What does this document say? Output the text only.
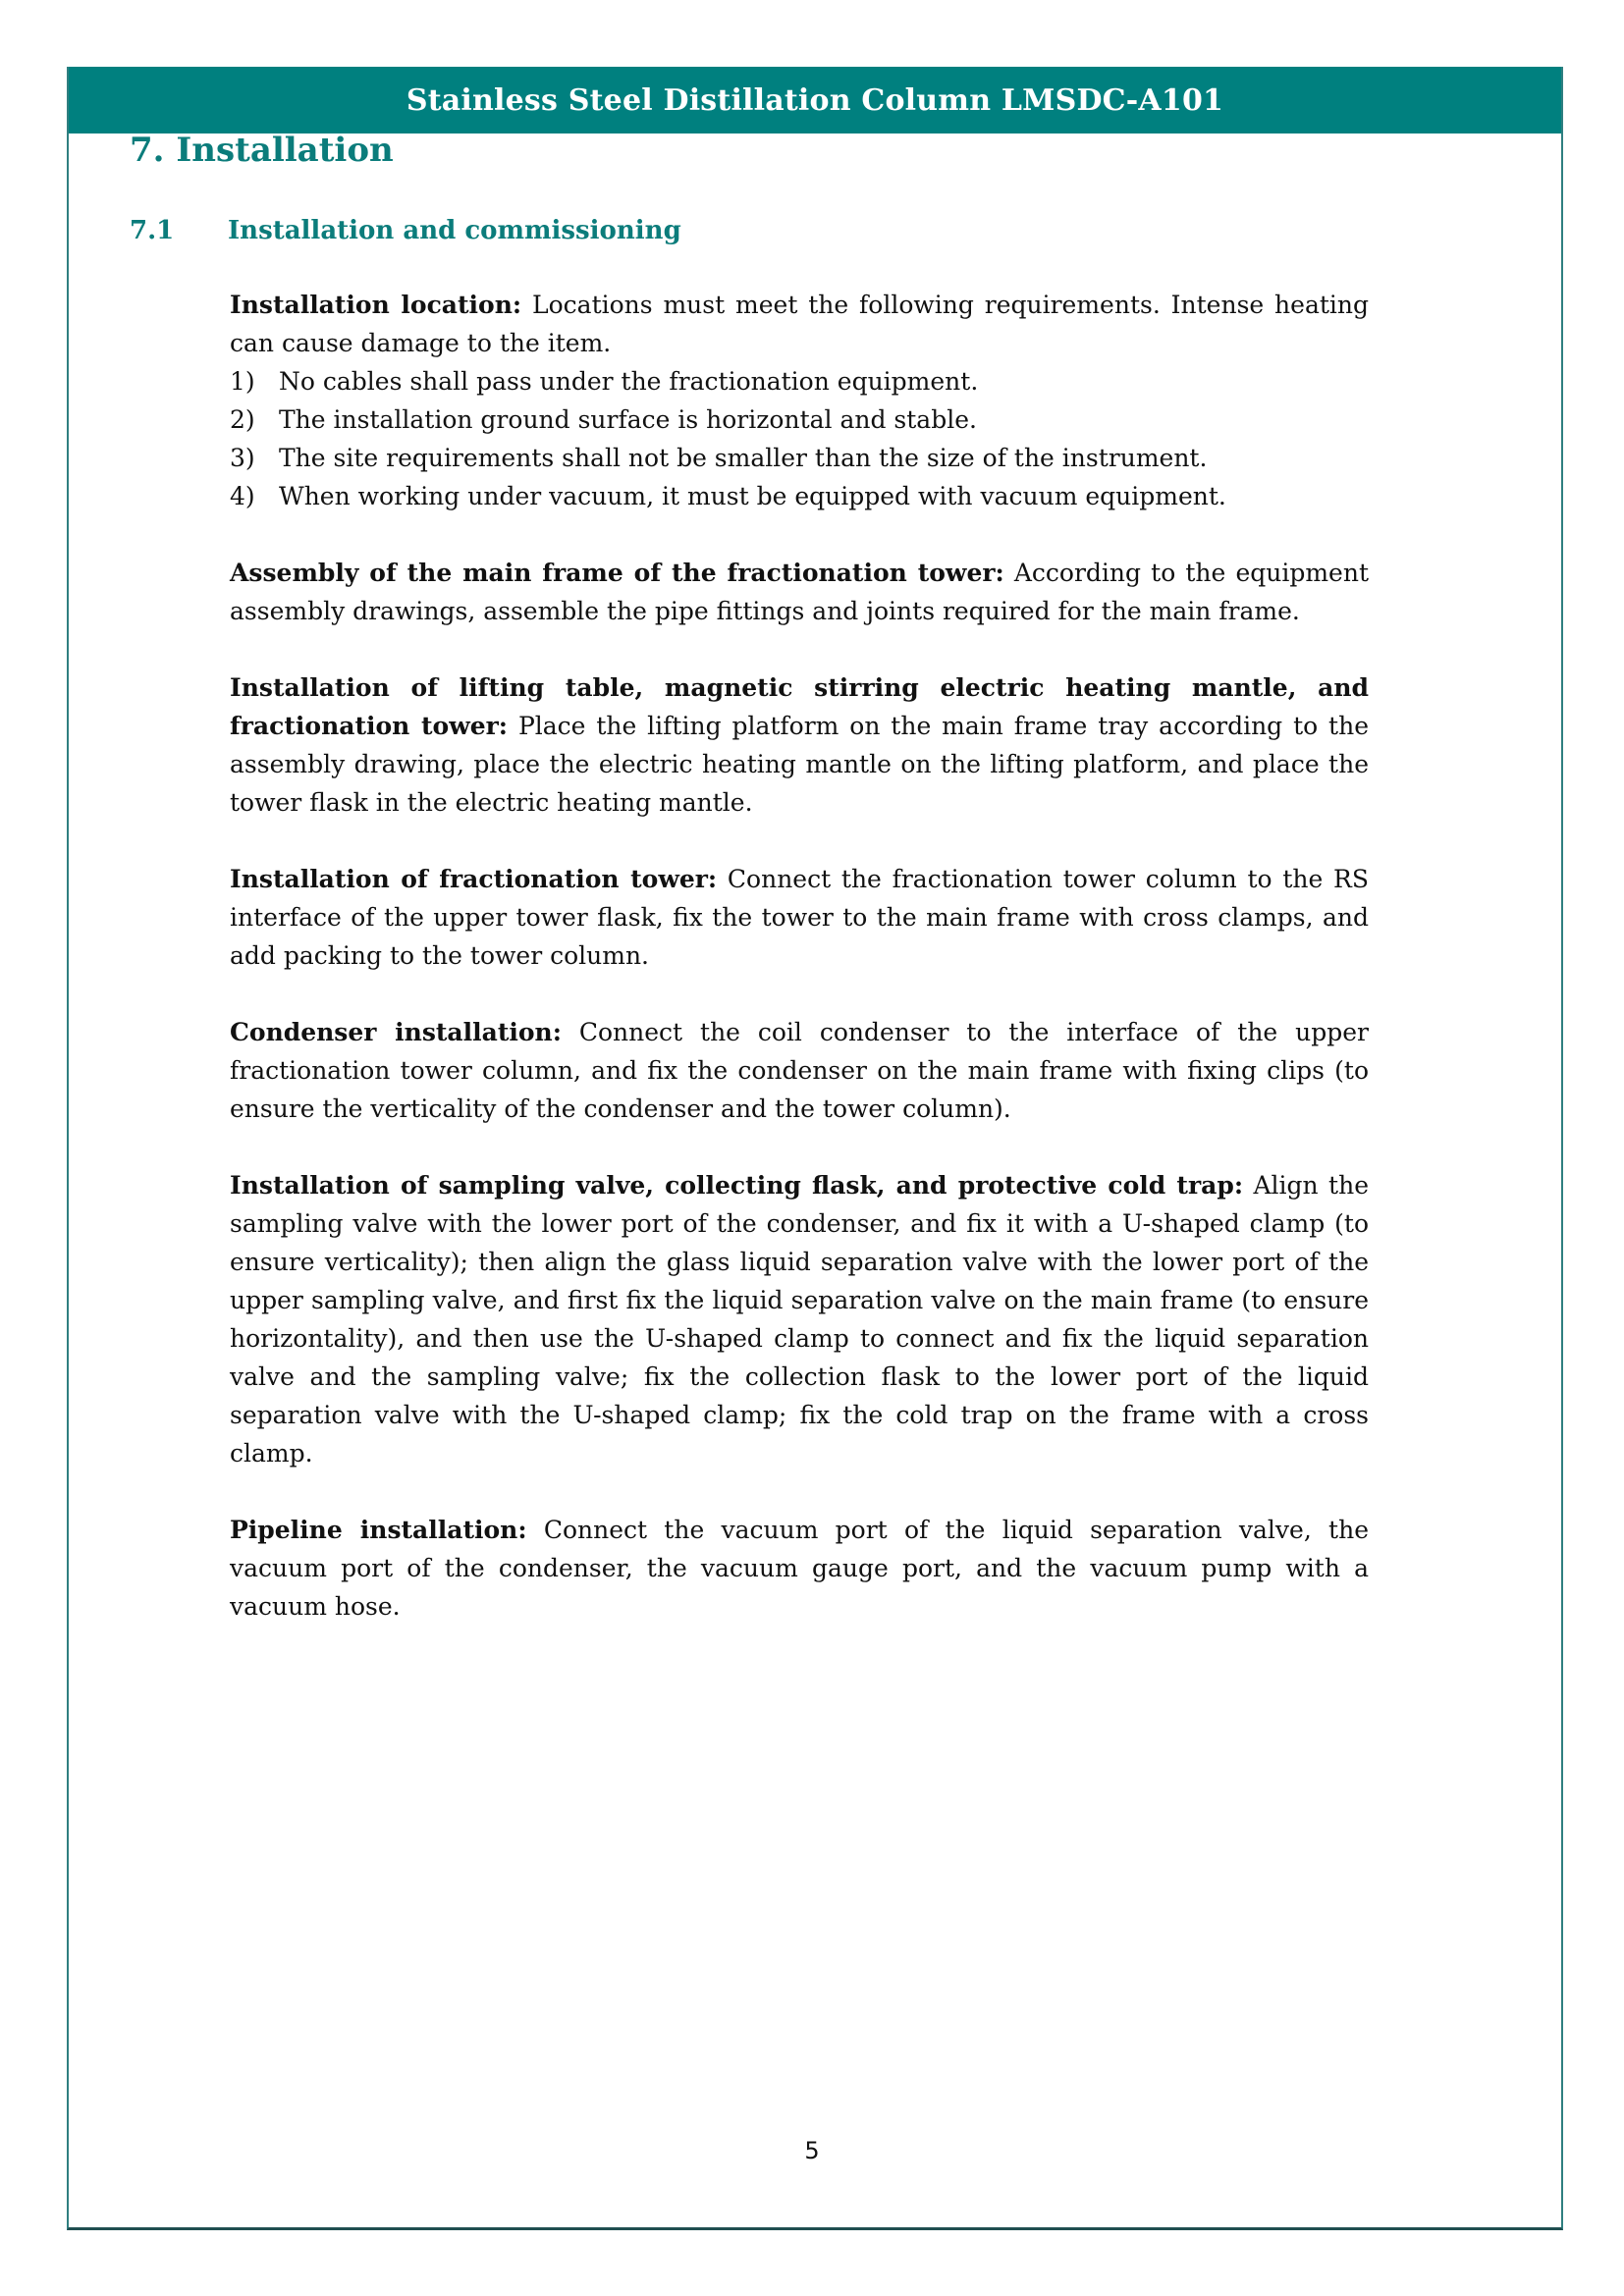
Stainless Steel Distillation Column LMSDC-A101
7. Installation
7.1	Installation and commissioning

Installation location: Locations must meet the following requirements. Intense heating can cause damage to the item.

1) No cables shall pass under the fractionation equipment.
2) The installation ground surface is horizontal and stable.
3) The site requirements shall not be smaller than the size of the instrument.
4) When working under vacuum, it must be equipped with vacuum equipment.

Assembly of the main frame of the fractionation tower: According to the equipment assembly drawings, assemble the pipe fittings and joints required for the main frame.

Installation of lifting table, magnetic stirring electric heating mantle, and fractionation tower: Place the lifting platform on the main frame tray according to the assembly drawing, place the electric heating mantle on the lifting platform, and place the tower flask in the electric heating mantle.

Installation of fractionation tower: Connect the fractionation tower column to the RS interface of the upper tower flask, fix the tower to the main frame with cross clamps, and add packing to the tower column.

Condenser installation: Connect the coil condenser to the interface of the upper fractionation tower column, and fix the condenser on the main frame with fixing clips (to ensure the verticality of the condenser and the tower column).

Installation of sampling valve, collecting flask, and protective cold trap: Align the sampling valve with the lower port of the condenser, and fix it with a U-shaped clamp (to ensure verticality); then align the glass liquid separation valve with the lower port of the upper sampling valve, and first fix the liquid separation valve on the main frame (to ensure horizontality), and then use the U-shaped clamp to connect and fix the liquid separation valve and the sampling valve; fix the collection flask to the lower port of the liquid separation valve with the U-shaped clamp; fix the cold trap on the frame with a cross clamp.

Pipeline installation: Connect the vacuum port of the liquid separation valve, the vacuum port of the condenser, the vacuum gauge port, and the vacuum pump with a vacuum hose.

5
